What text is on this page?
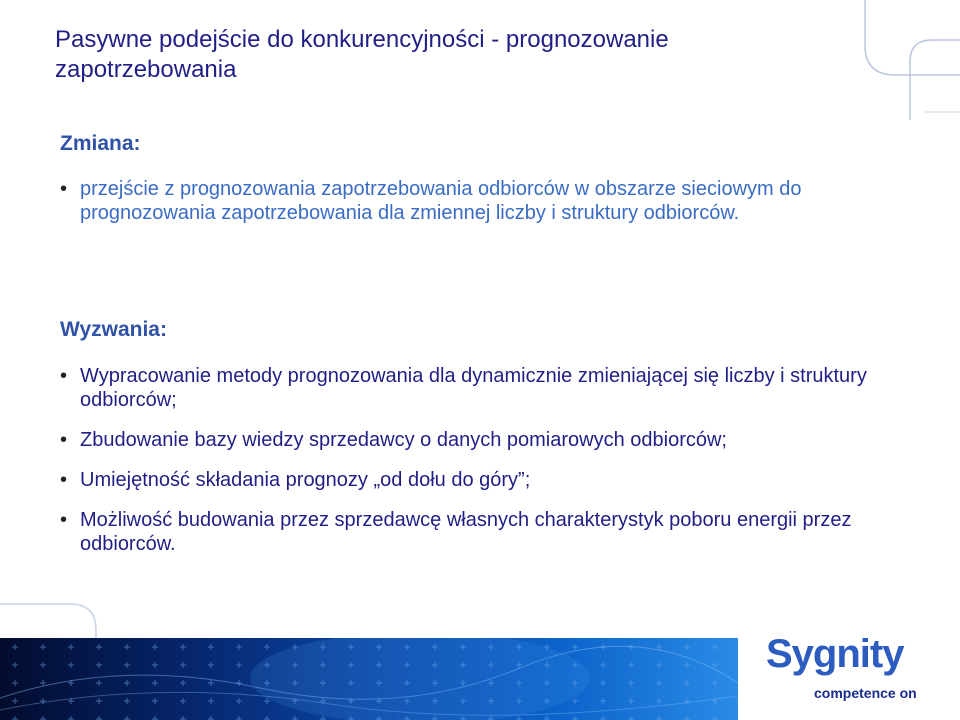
Pasywne podejście do konkurencyjności - prognozowanie zapotrzebowania
Zmiana:
• przejście z prognozowania zapotrzebowania odbiorców w obszarze sieciowym do prognozowania zapotrzebowania dla zmiennej liczby i struktury odbiorców.
Wyzwania:
• Wypracowanie metody prognozowania dla dynamicznie zmieniającej się liczby i struktury odbiorców;
• Zbudowanie bazy wiedzy sprzedawcy o danych pomiarowych odbiorców;
• Umiejętność składania prognozy „od dołu do góry”;
• Możliwość budowania przez sprzedawcę własnych charakterystyk poboru energii przez odbiorców.
Sygnity
competence on
